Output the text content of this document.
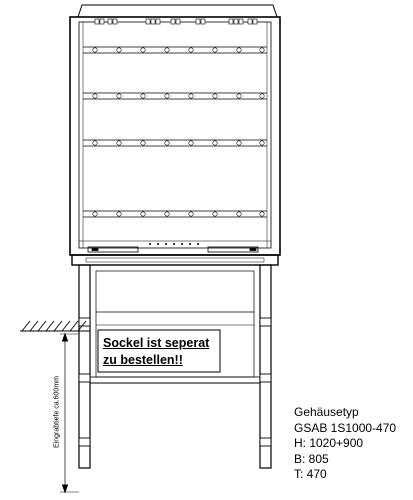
Sockel ist seperat
zu bestellen!!
Eingrabtiefe ca.600mm	Gehäusetyp
GSAB 1S1000-470
H: 1020+900
B: 805
T: 470
